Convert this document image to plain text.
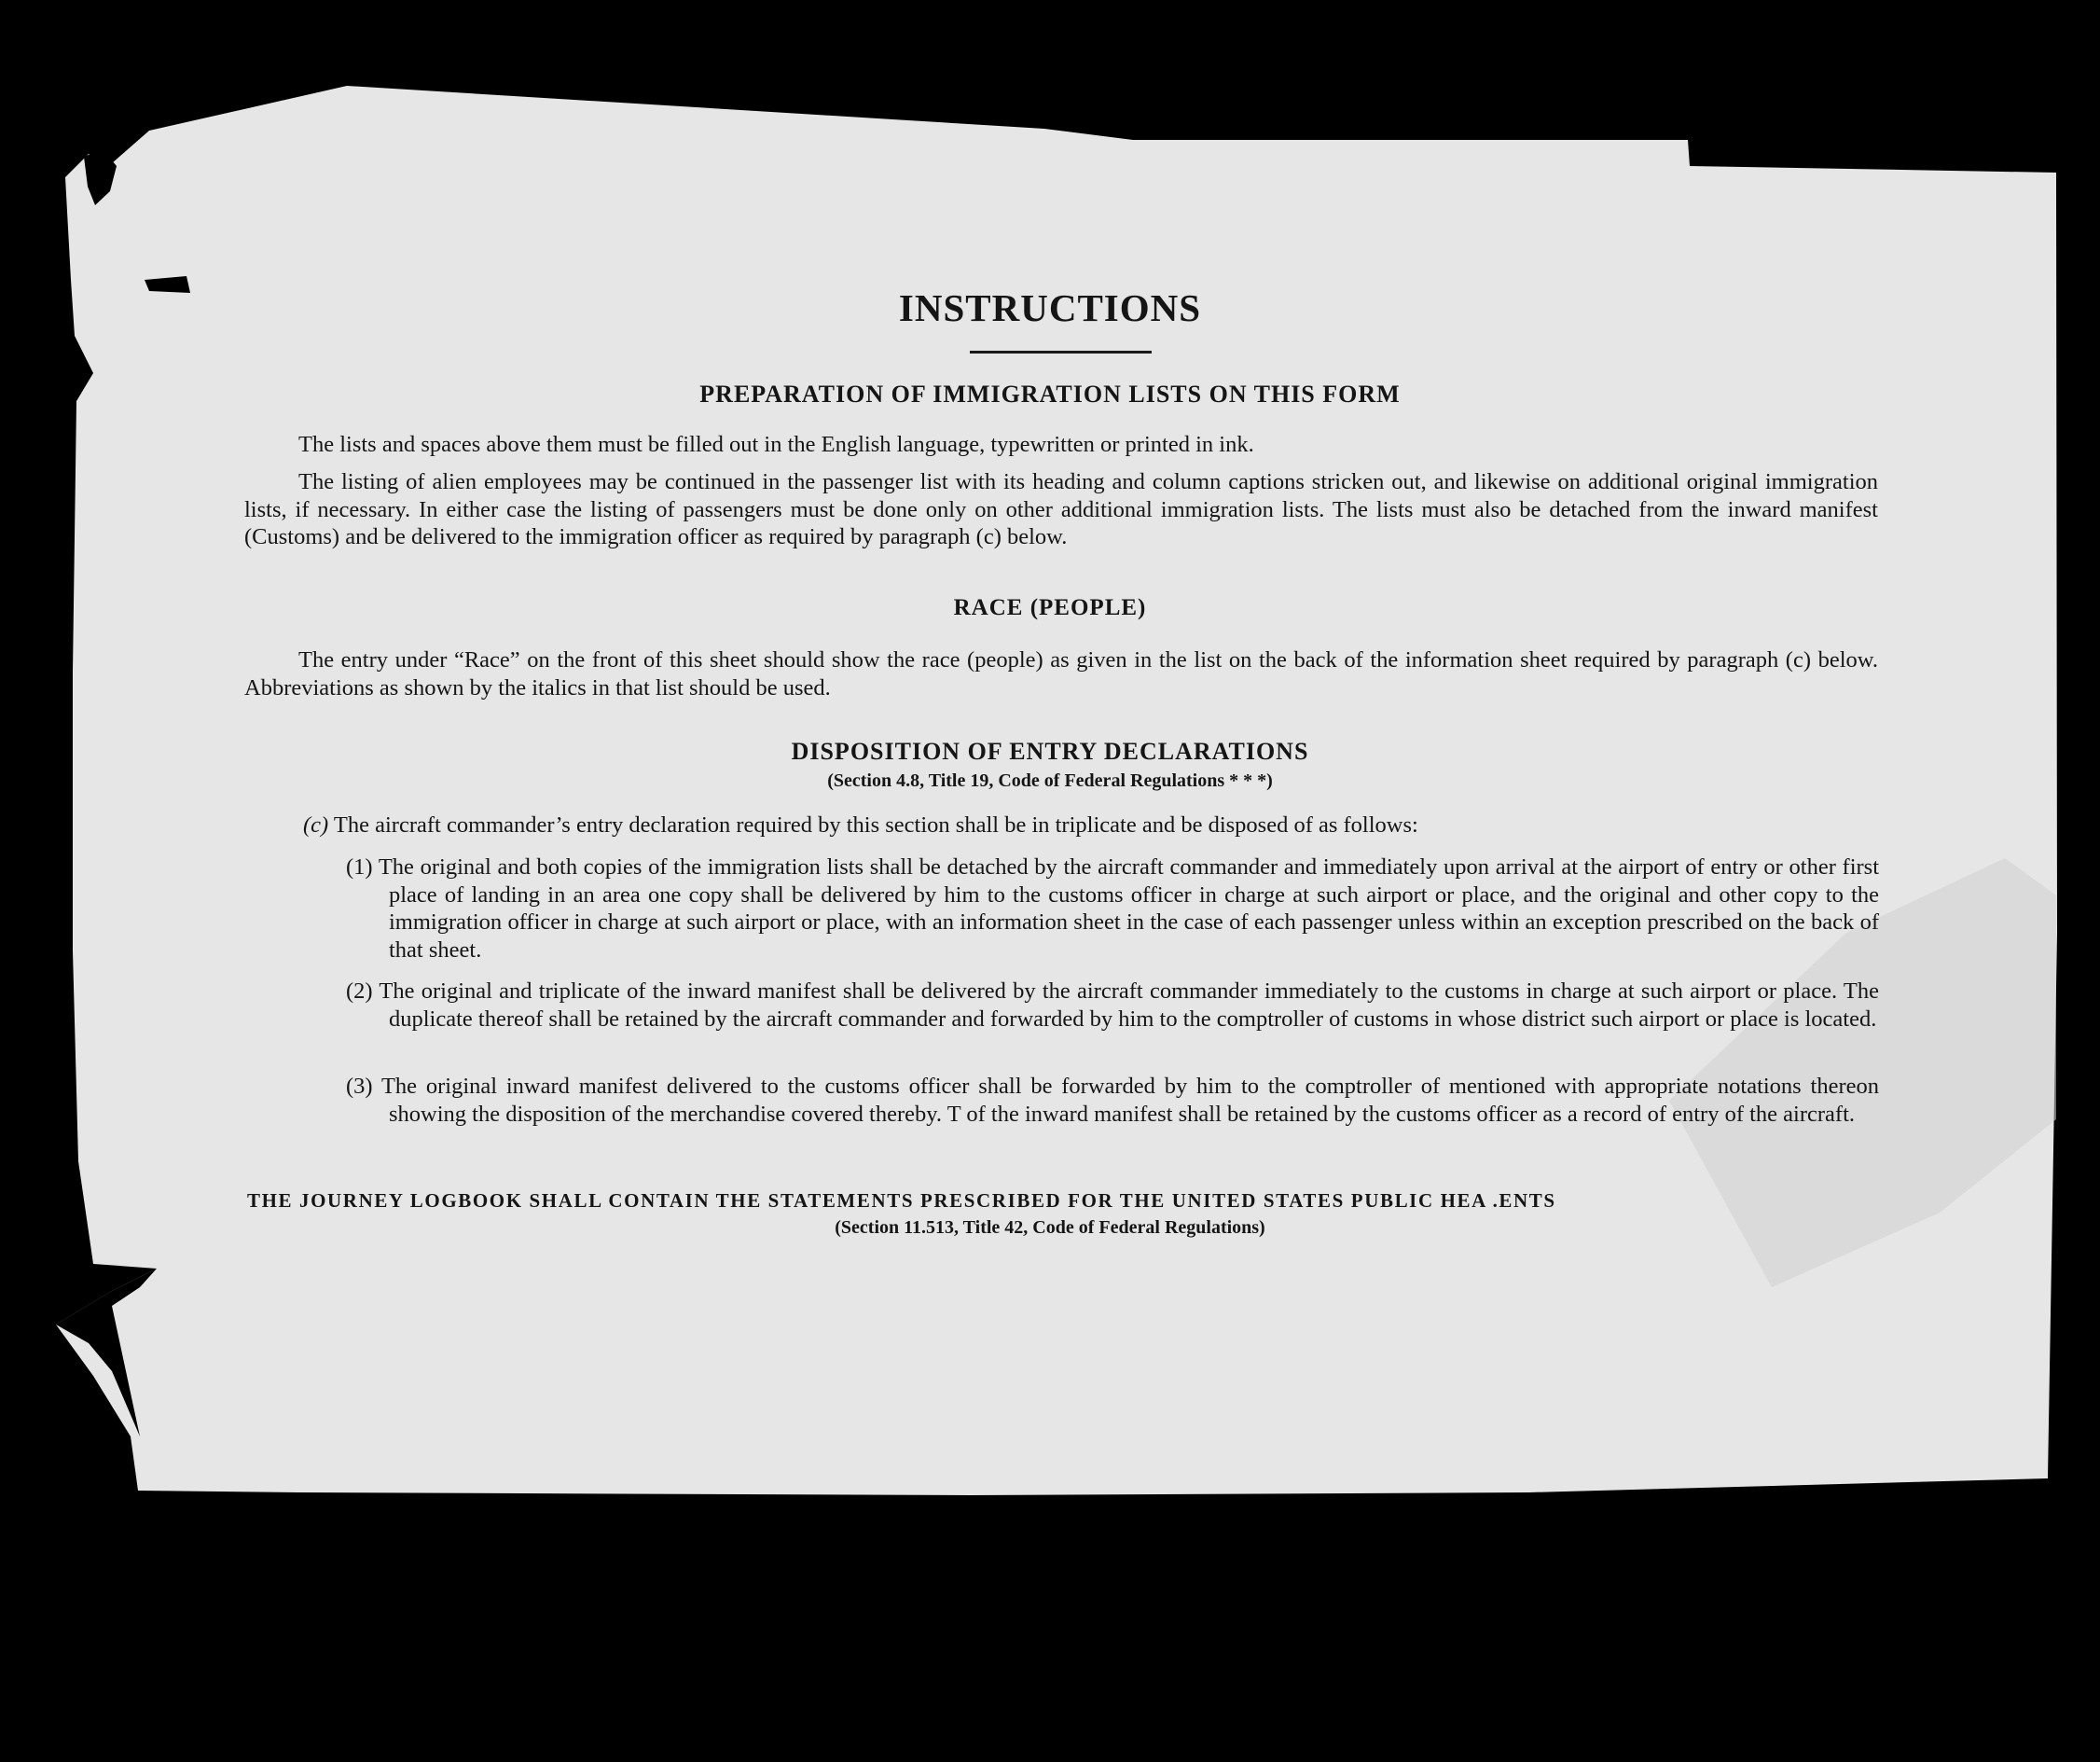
INSTRUCTIONS
PREPARATION OF IMMIGRATION LISTS ON THIS FORM
The lists and spaces above them must be filled out in the English language, typewritten or printed in ink.
The listing of alien employees may be continued in the passenger list with its heading and column captions stricken out, and likewise on additional original immigration lists, if necessary. In either case the listing of passengers must be done only on other additional immigration lists. The lists must also be detached from the inward manifest (Customs) and be delivered to the immigration officer as required by paragraph (c) below.
RACE (PEOPLE)
The entry under “Race” on the front of this sheet should show the race (people) as given in the list on the back of the information sheet required by paragraph (c) below. Abbreviations as shown by the italics in that list should be used.
DISPOSITION OF ENTRY DECLARATIONS
(Section 4.8, Title 19, Code of Federal Regulations * * *)
(c) The aircraft commander’s entry declaration required by this section shall be in triplicate and be disposed of as follows:
(1) The original and both copies of the immigration lists shall be detached by the aircraft commander and immediately upon arrival at the airport of entry or other first place of landing in an area one copy shall be delivered by him to the customs officer in charge at such airport or place, and the original and other copy to the immigration officer in charge at such airport or place, with an information sheet in the case of each passenger unless within an exception prescribed on the back of that sheet.
(2) The original and triplicate of the inward manifest shall be delivered by the aircraft commander immediately to the customs in charge at such airport or place. The duplicate thereof shall be retained by the aircraft commander and forwarded by him to the comptroller of customs in whose district such airport or place is located.
(3) The original inward manifest delivered to the customs officer shall be forwarded by him to the comptroller of mentioned with appropriate notations thereon showing the disposition of the merchandise covered thereby. T of the inward manifest shall be retained by the customs officer as a record of entry of the aircraft.
THE JOURNEY LOGBOOK SHALL CONTAIN THE STATEMENTS PRESCRIBED FOR THE UNITED STATES PUBLIC HEA .ENTS
(Section 11.513, Title 42, Code of Federal Regulations)
